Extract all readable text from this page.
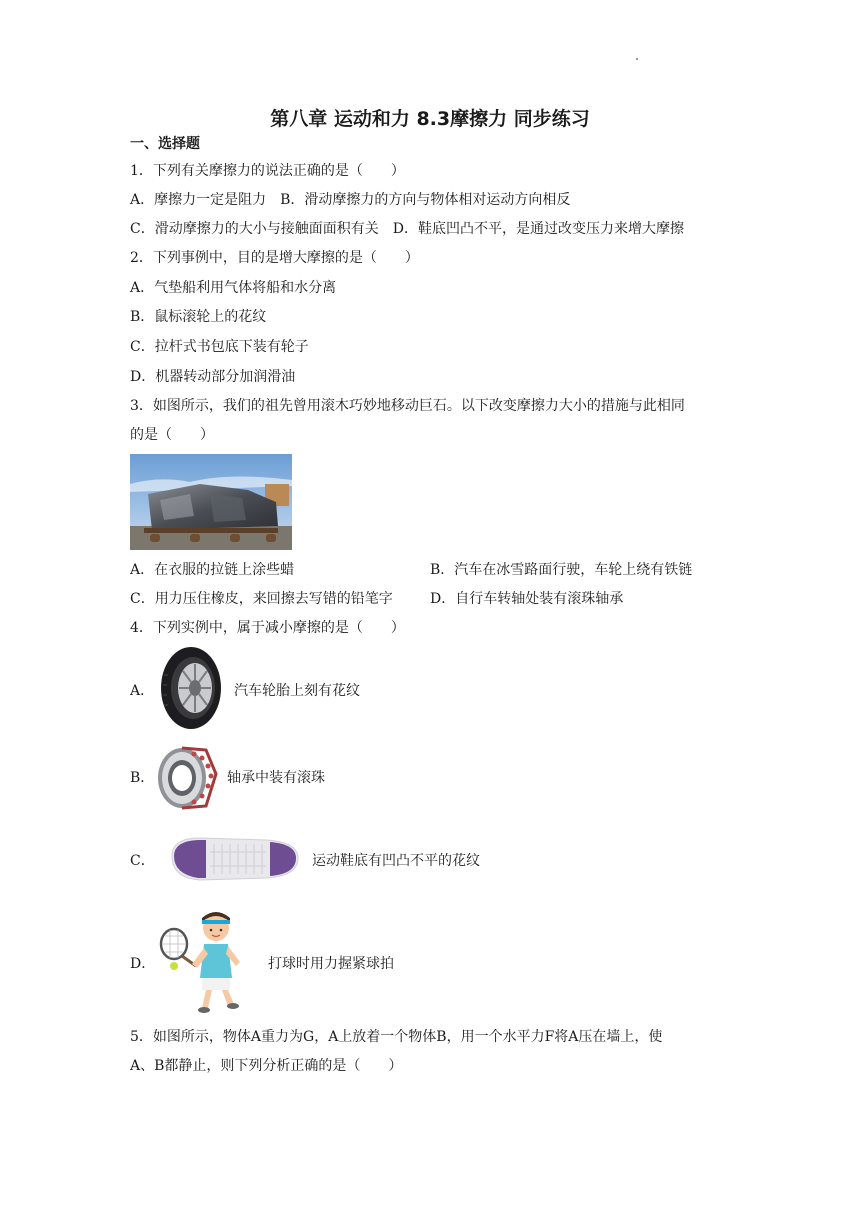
第八章 运动和力 8.3摩擦力 同步练习
一、选择题
1．下列有关摩擦力的说法正确的是（　　）
A．摩擦力一定是阻力　 B．滑动摩擦力的方向与物体相对运动方向相反
C．滑动摩擦力的大小与接触面面积有关　 D．鞋底凹凸不平，是通过改变压力来增大摩擦
2．下列事例中，目的是增大摩擦的是（　　）
A．气垫船利用气体将船和水分离
B．鼠标滚轮上的花纹
C．拉杆式书包底下装有轮子
D．机器转动部分加润滑油
3．如图所示，我们的祖先曾用滚木巧妙地移动巨石。以下改变摩擦力大小的措施与此相同
的是（　　）
A．在衣服的拉链上涂些蜡	B．汽车在冰雪路面行驶，车轮上绕有铁链
C．用力压住橡皮，来回擦去写错的铅笔字	D．自行车转轴处装有滚珠轴承
4．下列实例中，属于减小摩擦的是（　　）
A．	汽车轮胎上刻有花纹
B．	轴承中装有滚珠
C．	运动鞋底有凹凸不平的花纹
D．	打球时用力握紧球拍
5．如图所示，物体A重力为G，A上放着一个物体B，用一个水平力F将A压在墙上，使
A、B都静止，则下列分析正确的是（　　）
